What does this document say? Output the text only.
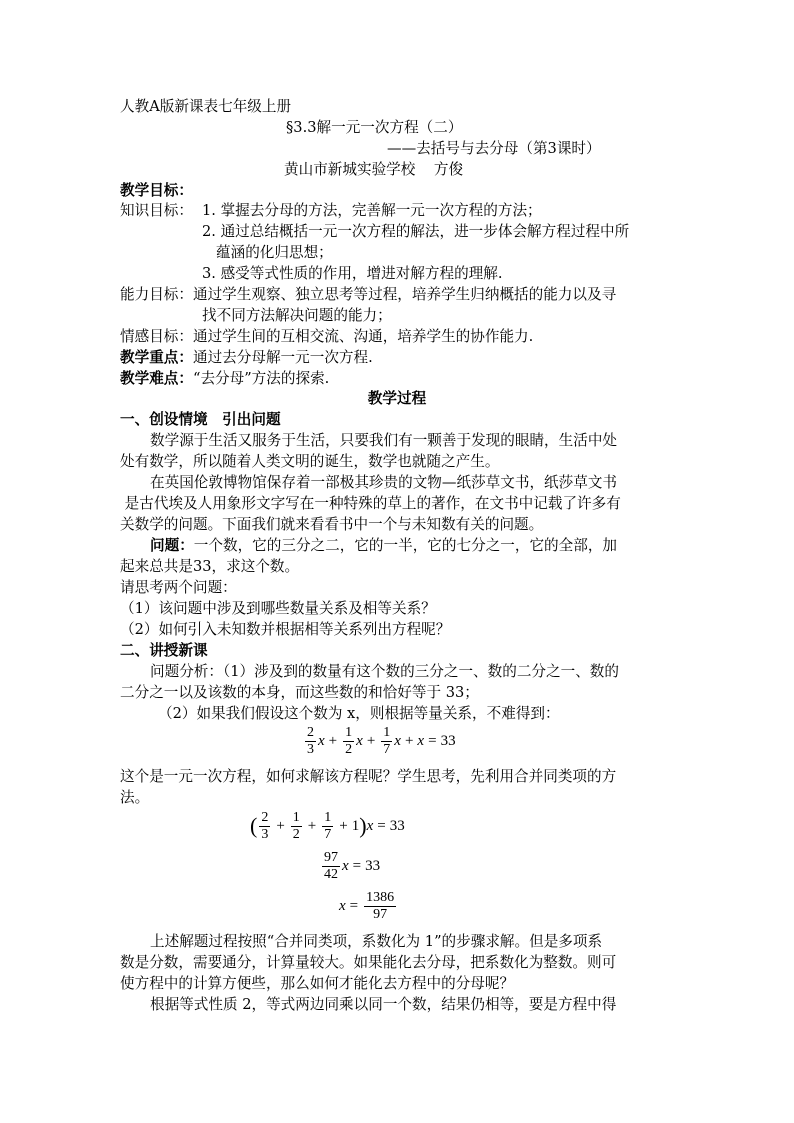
人教A版新课表七年级上册
§3.3解一元一次方程（二）
——去括号与去分母（第3课时）
黄山市新城实验学校    方俊
教学目标：
知识目标： 1. 掌握去分母的方法，完善解一元一次方程的方法；
2. 通过总结概括一元一次方程的解法，进一步体会解方程过程中所
蕴涵的化归思想；
3. 感受等式性质的作用，增进对解方程的理解.
能力目标：通过学生观察、独立思考等过程，培养学生归纳概括的能力以及寻
找不同方法解决问题的能力；
情感目标：通过学生间的互相交流、沟通，培养学生的协作能力.
教学重点：通过去分母解一元一次方程.
教学难点：“去分母”方法的探索.
教学过程
一、创设情境　引出问题
数学源于生活又服务于生活，只要我们有一颗善于发现的眼睛，生活中处
处有数学，所以随着人类文明的诞生，数学也就随之产生。
在英国伦敦博物馆保存着一部极其珍贵的文物—纸莎草文书，纸莎草文书
是古代埃及人用象形文字写在一种特殊的草上的著作，在文书中记载了许多有
关数学的问题。下面我们就来看看书中一个与未知数有关的问题。
问题：一个数，它的三分之二，它的一半，它的七分之一，它的全部，加
起来总共是33，求这个数。
请思考两个问题：
（1）该问题中涉及到哪些数量关系及相等关系？
（2）如何引入未知数并根据相等关系列出方程呢？
二、讲授新课
问题分析：（1）涉及到的数量有这个数的三分之一、数的二分之一、数的
二分之一以及该数的本身，而这些数的和恰好等于 33；
（2）如果我们假设这个数为 x，则根据等量关系，不难得到：
$\frac{2}{3}$ $x + \frac{1}{2}$ $x + \frac{1}{7}$ x + x = 33
这个是一元一次方程，如何求解该方程呢？学生思考，先利用合并同类项的方
法。
( $\frac{2}{3} + \frac{1}{2} + \frac{1}{7} + 1$ ) x = 33
$\frac{97}{42}$ x = 33
$x = \frac{1386}{97}$
上述解题过程按照“合并同类项，系数化为 1”的步骤求解。但是多项系
数是分数，需要通分，计算量较大。如果能化去分母，把系数化为整数。则可
使方程中的计算方便些，那么如何才能化去方程中的分母呢？
根据等式性质 2，等式两边同乘以同一个数，结果仍相等，要是方程中得
